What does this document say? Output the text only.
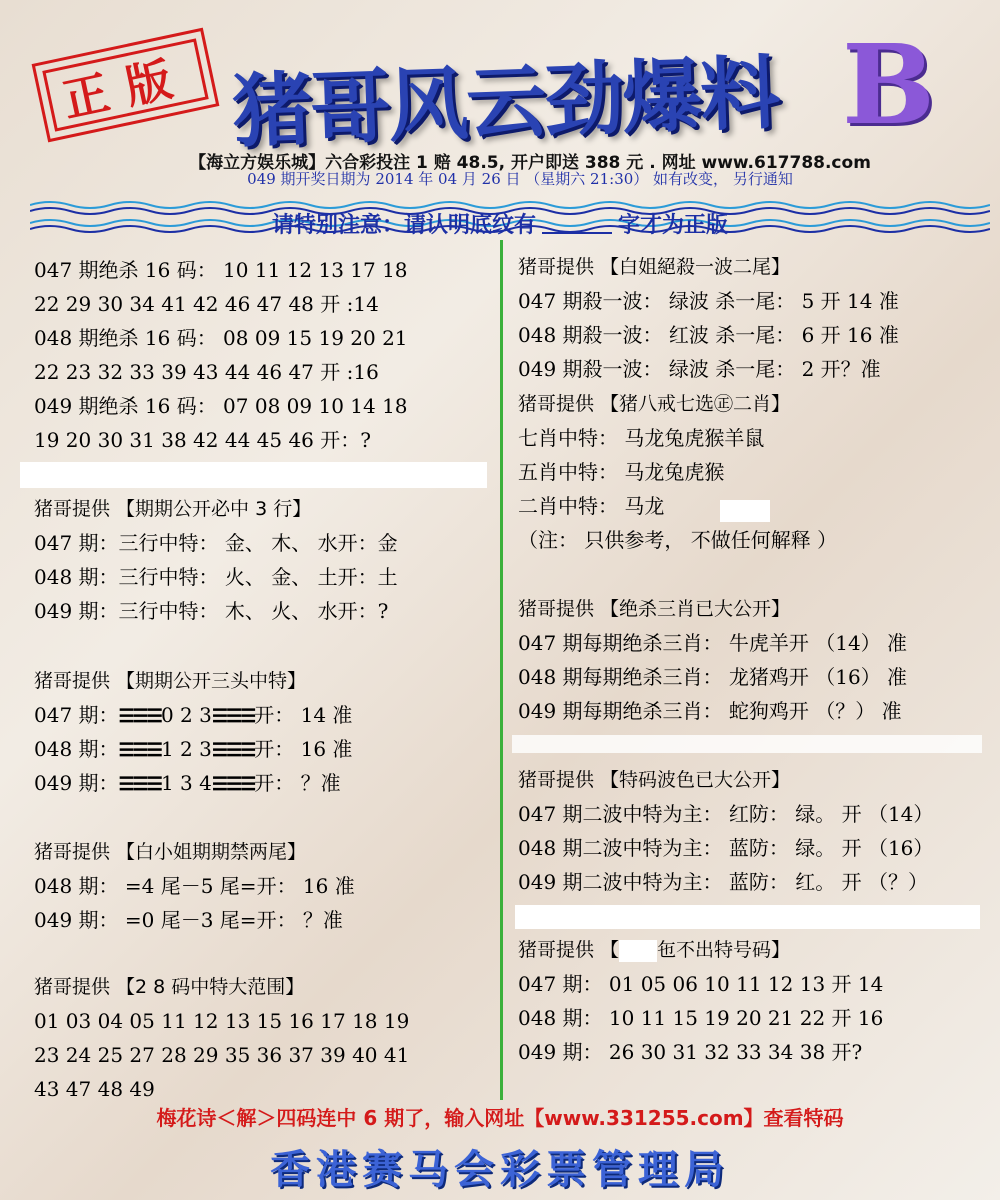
正版 猪哥风云劲爆料 B
【海立方娱乐城】六合彩投注 1 赔 48.5, 开户即送 388 元 . 网址 www.617788.com
049 期开奖日期为 2014 年 04 月 26 日 （星期六 21:30） 如有改变， 另行通知
请特别注意：请认明底纹有	字才为正版
047 期绝杀 16 码： 10 11 12 13 17 18
22 29 30 34 41 42 46 47 48 开 :14
048 期绝杀 16 码： 08 09 15 19 20 21
22 23 32 33 39 43 44 46 47 开 :16
049 期绝杀 16 码： 07 08 09 10 14 18
19 20 30 31 38 42 44 45 46 开：?
猪哥提供 【期期公开必中 3 行】
047 期：三行中特： 金、 木、 水开：金
048 期：三行中特： 火、 金、 土开：土
049 期：三行中特： 木、 火、 水开：?
猪哥提供 【期期公开三头中特】
047 期：☰☰☰0 2 3☰☰☰开： 14 准
048 期：☰☰☰1 2 3☰☰☰开： 16 准
049 期：☰☰☰1 3 4☰☰☰开： ？准
猪哥提供 【白小姐期期禁两尾】
048 期： =4 尾－5 尾=开： 16 准
049 期： =0 尾－3 尾=开： ？准
猪哥提供 【2 8 码中特大范围】
01 03 04 05 11 12 13 15 16 17 18 19
23 24 25 27 28 29 35 36 37 39 40 41
43 47 48 49
猪哥提供 【白姐絕殺一波二尾】
047 期殺一波： 绿波 杀一尾： 5 开 14 准
048 期殺一波： 红波 杀一尾： 6 开 16 准
049 期殺一波： 绿波 杀一尾： 2 开？准
猪哥提供 【猪八戒七选㊣二肖】
七肖中特： 马龙兔虎猴羊鼠
五肖中特： 马龙兔虎猴
二肖中特： 马龙
（注： 只供参考， 不做任何解释 ）
猪哥提供 【绝杀三肖已大公开】
047 期每期绝杀三肖： 牛虎羊开 （14） 准
048 期每期绝杀三肖： 龙猪鸡开 （16） 准
049 期每期绝杀三肖： 蛇狗鸡开 （？） 准
猪哥提供 【特码波色已大公开】
047 期二波中特为主： 红防： 绿。 开 （14）
048 期二波中特为主： 蓝防： 绿。 开 （16）
049 期二波中特为主： 蓝防： 红。 开 （？）
猪哥提供 【 㐌不出特号码】
047 期： 01 05 06 10 11 12 13 开 14
048 期： 10 11 15 19 20 21 22 开 16
049 期： 26 30 31 32 33 34 38 开?
梅花诗＜解＞四码连中 6 期了，输入网址【www.331255.com】查看特码
香港赛马会彩票管理局
